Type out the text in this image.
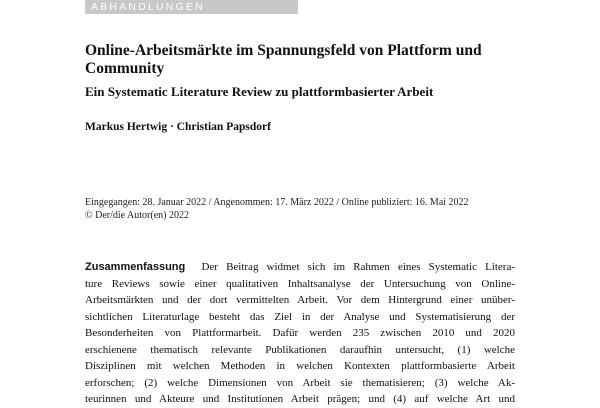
ABHANDLUNGEN
Online-Arbeitsmärkte im Spannungsfeld von Plattform und Community
Ein Systematic Literature Review zu plattformbasierter Arbeit

Markus Hertwig · Christian Papsdorf

Eingegangen: 28. Januar 2022 / Angenommen: 17. März 2022 / Online publiziert: 16. Mai 2022
© Der/die Autor(en) 2022
Zusammenfassung Der Beitrag widmet sich im Rahmen eines Systematic Litera-
ture Reviews sowie einer qualitativen Inhaltsanalyse der Untersuchung von Online-
Arbeitsmärkten und der dort vermittelten Arbeit. Vor dem Hintergrund einer unüber-
sichtlichen Literaturlage besteht das Ziel in der Analyse und Systematisierung der
Besonderheiten von Plattformarbeit. Dafür werden 235 zwischen 2010 und 2020
erschienene thematisch relevante Publikationen daraufhin untersucht, (1) welche
Disziplinen mit welchen Methoden in welchen Kontexten plattformbasierte Arbeit
erforschen; (2) welche Dimensionen von Arbeit sie thematisieren; (3) welche Ak-
teurinnen und Akteure und Institutionen Arbeit prägen; und (4) auf welche Art und
